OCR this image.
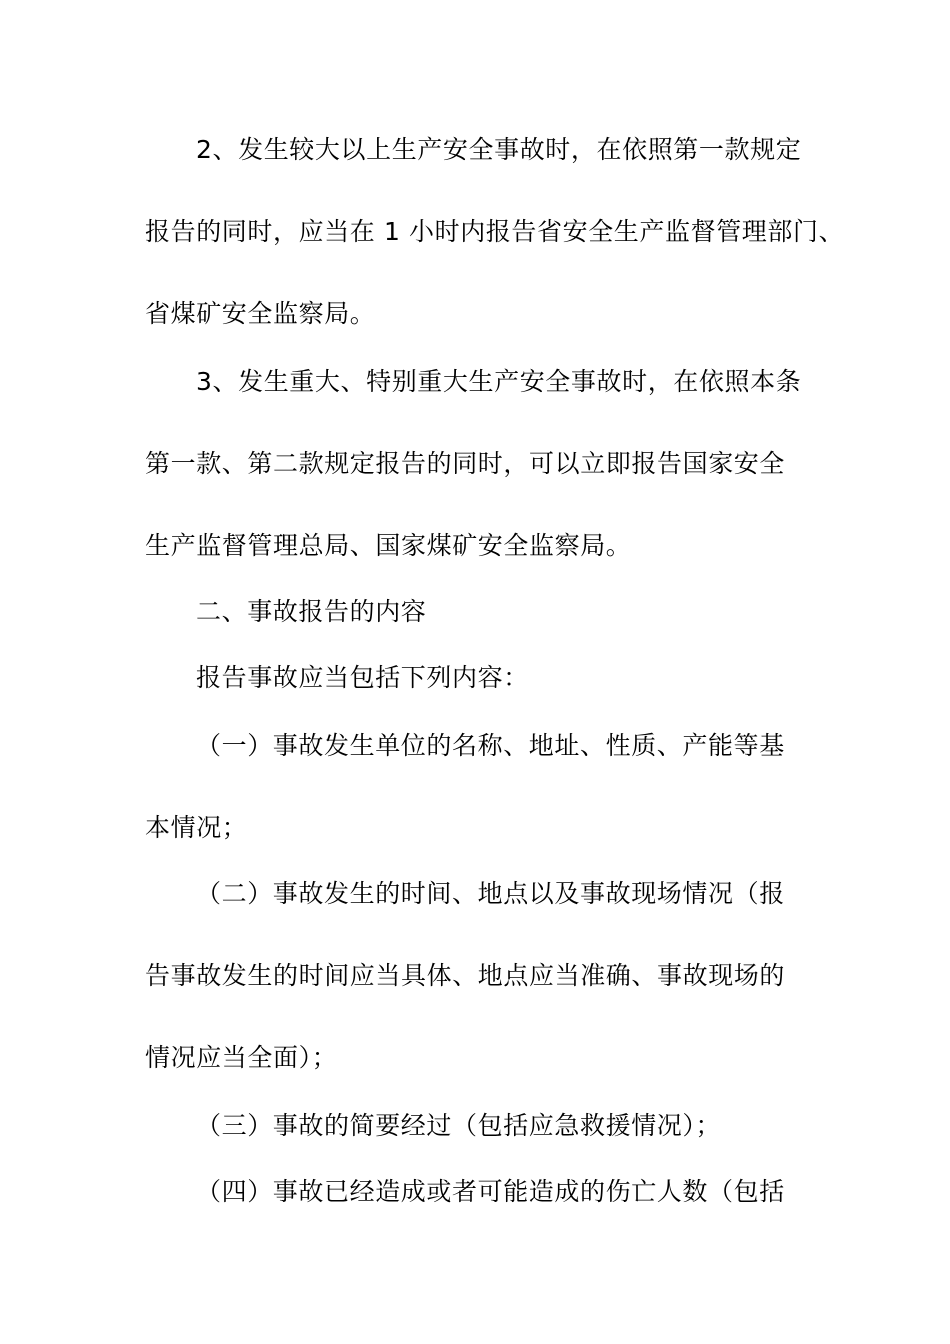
2、发生较大以上生产安全事故时，在依照第一款规定
报告的同时，应当在 1 小时内报告省安全生产监督管理部门、
省煤矿安全监察局。
3、发生重大、特别重大生产安全事故时，在依照本条
第一款、第二款规定报告的同时，可以立即报告国家安全
生产监督管理总局、国家煤矿安全监察局。
二、事故报告的内容
报告事故应当包括下列内容：
（一）事故发生单位的名称、地址、性质、产能等基
本情况；
（二）事故发生的时间、地点以及事故现场情况（报
告事故发生的时间应当具体、地点应当准确、事故现场的
情况应当全面）；
（三）事故的简要经过（包括应急救援情况）；
（四）事故已经造成或者可能造成的伤亡人数（包括
